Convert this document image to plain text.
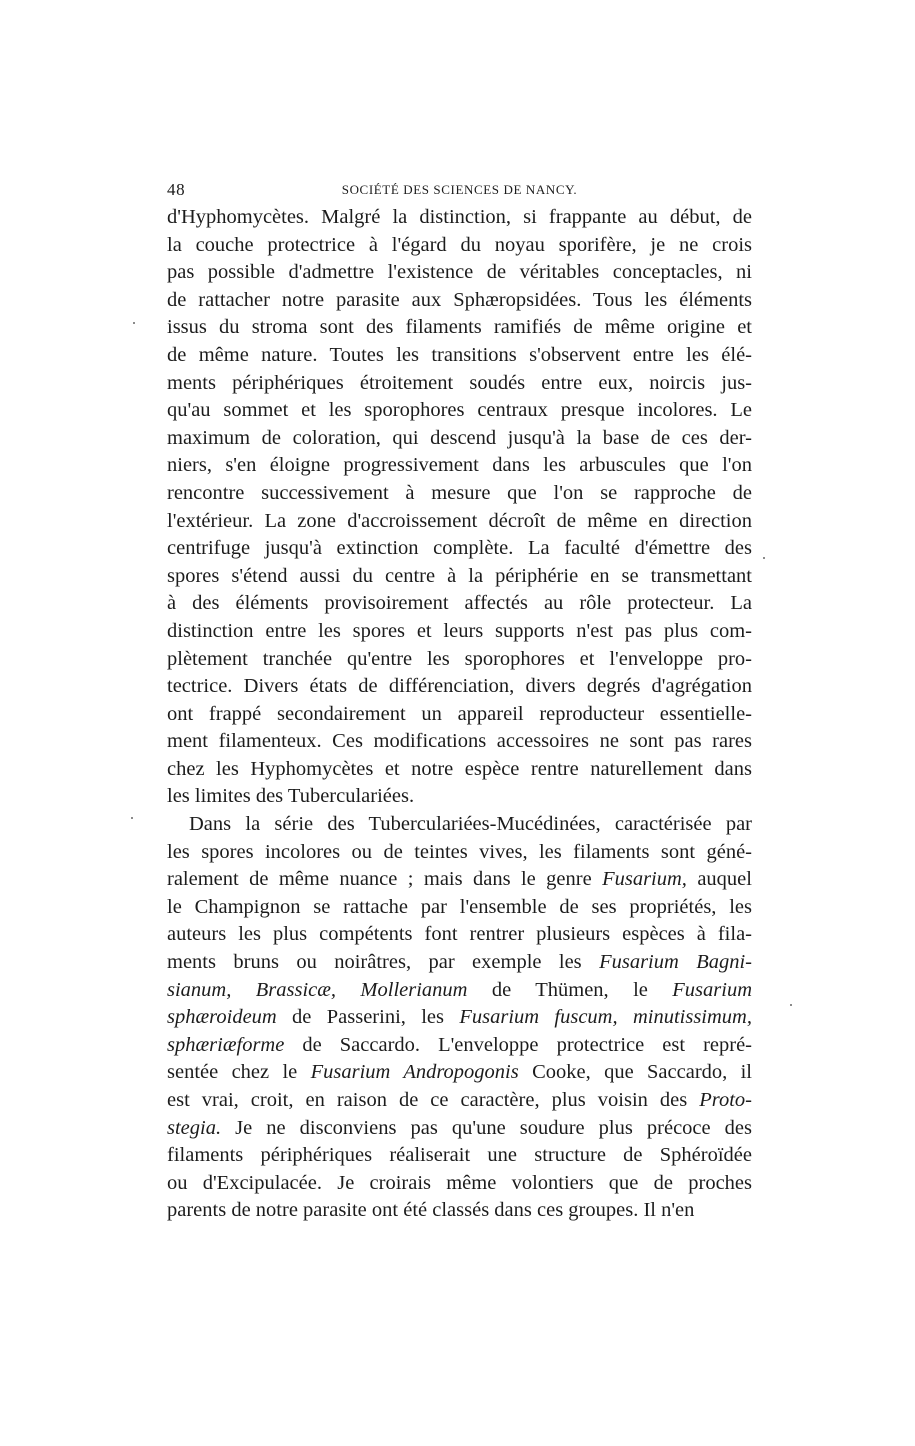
48	SOCIÉTÉ DES SCIENCES DE NANCY.
d'Hyphomycètes. Malgré la distinction, si frappante au début, de
la couche protectrice à l'égard du noyau sporifère, je ne crois
pas possible d'admettre l'existence de véritables conceptacles, ni
de rattacher notre parasite aux Sphæropsidées. Tous les éléments
issus du stroma sont des filaments ramifiés de même origine et
de même nature. Toutes les transitions s'observent entre les élé-
ments périphériques étroitement soudés entre eux, noircis jus-
qu'au sommet et les sporophores centraux presque incolores. Le
maximum de coloration, qui descend jusqu'à la base de ces der-
niers, s'en éloigne progressivement dans les arbuscules que l'on
rencontre successivement à mesure que l'on se rapproche de
l'extérieur. La zone d'accroissement décroît de même en direction
centrifuge jusqu'à extinction complète. La faculté d'émettre des
spores s'étend aussi du centre à la périphérie en se transmettant
à des éléments provisoirement affectés au rôle protecteur. La
distinction entre les spores et leurs supports n'est pas plus com-
plètement tranchée qu'entre les sporophores et l'enveloppe pro-
tectrice. Divers états de différenciation, divers degrés d'agrégation
ont frappé secondairement un appareil reproducteur essentielle-
ment filamenteux. Ces modifications accessoires ne sont pas rares
chez les Hyphomycètes et notre espèce rentre naturellement dans
les limites des Tuberculariées.
Dans la série des Tuberculariées-Mucédinées, caractérisée par
les spores incolores ou de teintes vives, les filaments sont géné-
ralement de même nuance ; mais dans le genre Fusarium, auquel
le Champignon se rattache par l'ensemble de ses propriétés, les
auteurs les plus compétents font rentrer plusieurs espèces à fila-
ments bruns ou noirâtres, par exemple les Fusarium Bagni-
sianum, Brassicæ, Mollerianum de Thümen, le Fusarium
sphæroideum de Passerini, les Fusarium fuscum, minutissimum,
sphæriæforme de Saccardo. L'enveloppe protectrice est repré-
sentée chez le Fusarium Andropogonis Cooke, que Saccardo, il
est vrai, croit, en raison de ce caractère, plus voisin des Proto-
stegia. Je ne disconviens pas qu'une soudure plus précoce des
filaments périphériques réaliserait une structure de Sphéroïdée
ou d'Excipulacée. Je croirais même volontiers que de proches
parents de notre parasite ont été classés dans ces groupes. Il n'en
